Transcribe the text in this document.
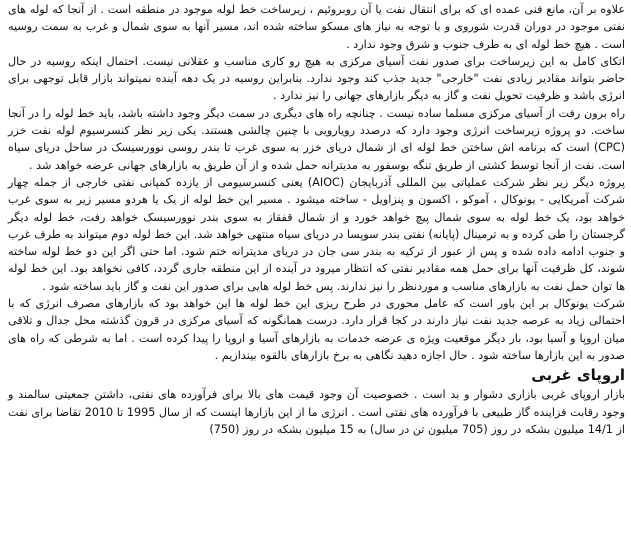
علاوه بر آن، مانع فنی عمده ای که برای انتقال نفت یا آن روبروئیم ، زیرساخت خط لوله موجود در منطقه است . از آنجا که لوله های نفتی موجود در دوران قدرت شوروی و با توجه به نیاز های مسکو ساخته شده اند، مسیر آنها به سوی شمال و غرب به سمت روسیه است . هیچ خط لوله ای به طرف جنوب و شرق وجود ندارد .

اتکای کامل به این زیرساخت برای صدور نفت آسیای مرکزی به هیچ رو کاری مناسب و عقلانی نیست. احتمال اینکه روسیه در حال حاضر بتواند مقادیر زیادی نفت "خارجی" جدید جذب کند وجود ندارد. بنابراین روسیه در یک دهه آینده نمیتواند بازار قابل توجهی برای انرژی باشد و ظرفیت تحویل نفت و گاز به دیگر بازارهای جهانی را نیز ندارد .

راه برون رفت از آسیای مرکزی مسلما ساده نیست . چنانچه راه های دیگری در سمت دیگر وجود داشته باشد، باید خط لوله را در آنجا ساخت. دو پروژه زیرساخت انرژی وجود دارد که درصدد رویارویی با چنین چالشی هستند. یکی زیر نظر کنسرسیوم لوله نفت خزر (CPC) است که برنامه اش ساختن خط لوله ای از شمال دریای خزر به سوی غرب تا بندر روسی نوورسیسک در ساحل دریای سیاه است. نفت از آنجا توسط کشتی از طریق تنگه بوسفور به مدیترانه حمل شده و از آن طریق به بازارهای جهانی عرضه خواهد شد .

پروژه دیگر زیر نظر شرکت عملیاتی بین المللی آذربایجان (AIOC) یعنی کنسرسیومی از یازده کمپانی نفتی خارجی از جمله چهار شرکت آمریکایی - یونوکال ، آموکو ، اکسون و پنزاویل - ساخته میشود . مسیر این خط لوله از یک یا هردو مسیر زیر به سوی غرب خواهد بود، یک خط لوله به سوی شمال پیچ خواهد خورد و از شمال قفقاز به سوی بندر نوورسیسک خواهد رفت، خط لوله دیگر گرجستان را طی کرده و به ترمینال (پایانه) نفتی بندر سوپسا در دریای سیاه منتهی خواهد شد. این خط لوله دوم میتواند به طرف غرب و جنوب ادامه داده شده و پس از عبور از ترکیه به بندر سی جان در دریای مدیترانه ختم شود. اما حتی اگر این دو خط لوله ساخته شوند، کل ظرفیت آنها برای حمل همه مقادیر نفتی که انتظار میرود در آینده از این منطقه جاری گردد، کافی نخواهد بود. این خط لوله ها توان حمل نفت به بازارهای مناسب و موردنظر را نیز ندارند. پس خط لوله هایی برای صدور این نفت و گاز باید ساخته شود .

شرکت یونوکال بر این باور است که عامل محوری در طرح ریزی این خط لوله ها این خواهد بود که بازارهای مصرف انرژی که با احتمالی زیاد به عرصه جدید نفت نیاز دارند در کجا قرار دارد. درست همانگونه که آسیای مرکزی در قرون گذشته محل جدال و تلاقی میان اروپا و آسیا بود، بار دیگر موقعیت ویژه ی عرضه خدمات به بازارهای آسیا و اروپا را پیدا کرده است . اما به شرطی که راه های صدور به این بازارها ساخته شود . حال اجازه دهید نگاهی به برخ بازارهای بالقوه بیندازیم .

اروپای غربی

بازار اروپای غربی بازاری دشوار و بد است . خصوصیت آن وجود قیمت های بالا برای فرآورده های نفتی، داشتن جمعیتی سالمند و وجود رقابت فزاینده گاز طبیعی با فرآورده های نفتی است . انرژی ما از این بازارها اینست که از سال 1995 تا 2010 تقاضا برای نفت از 14/1 میلیون بشکه در روز (705 میلیون تن در سال) به 15 میلیون بشکه در روز (750)
